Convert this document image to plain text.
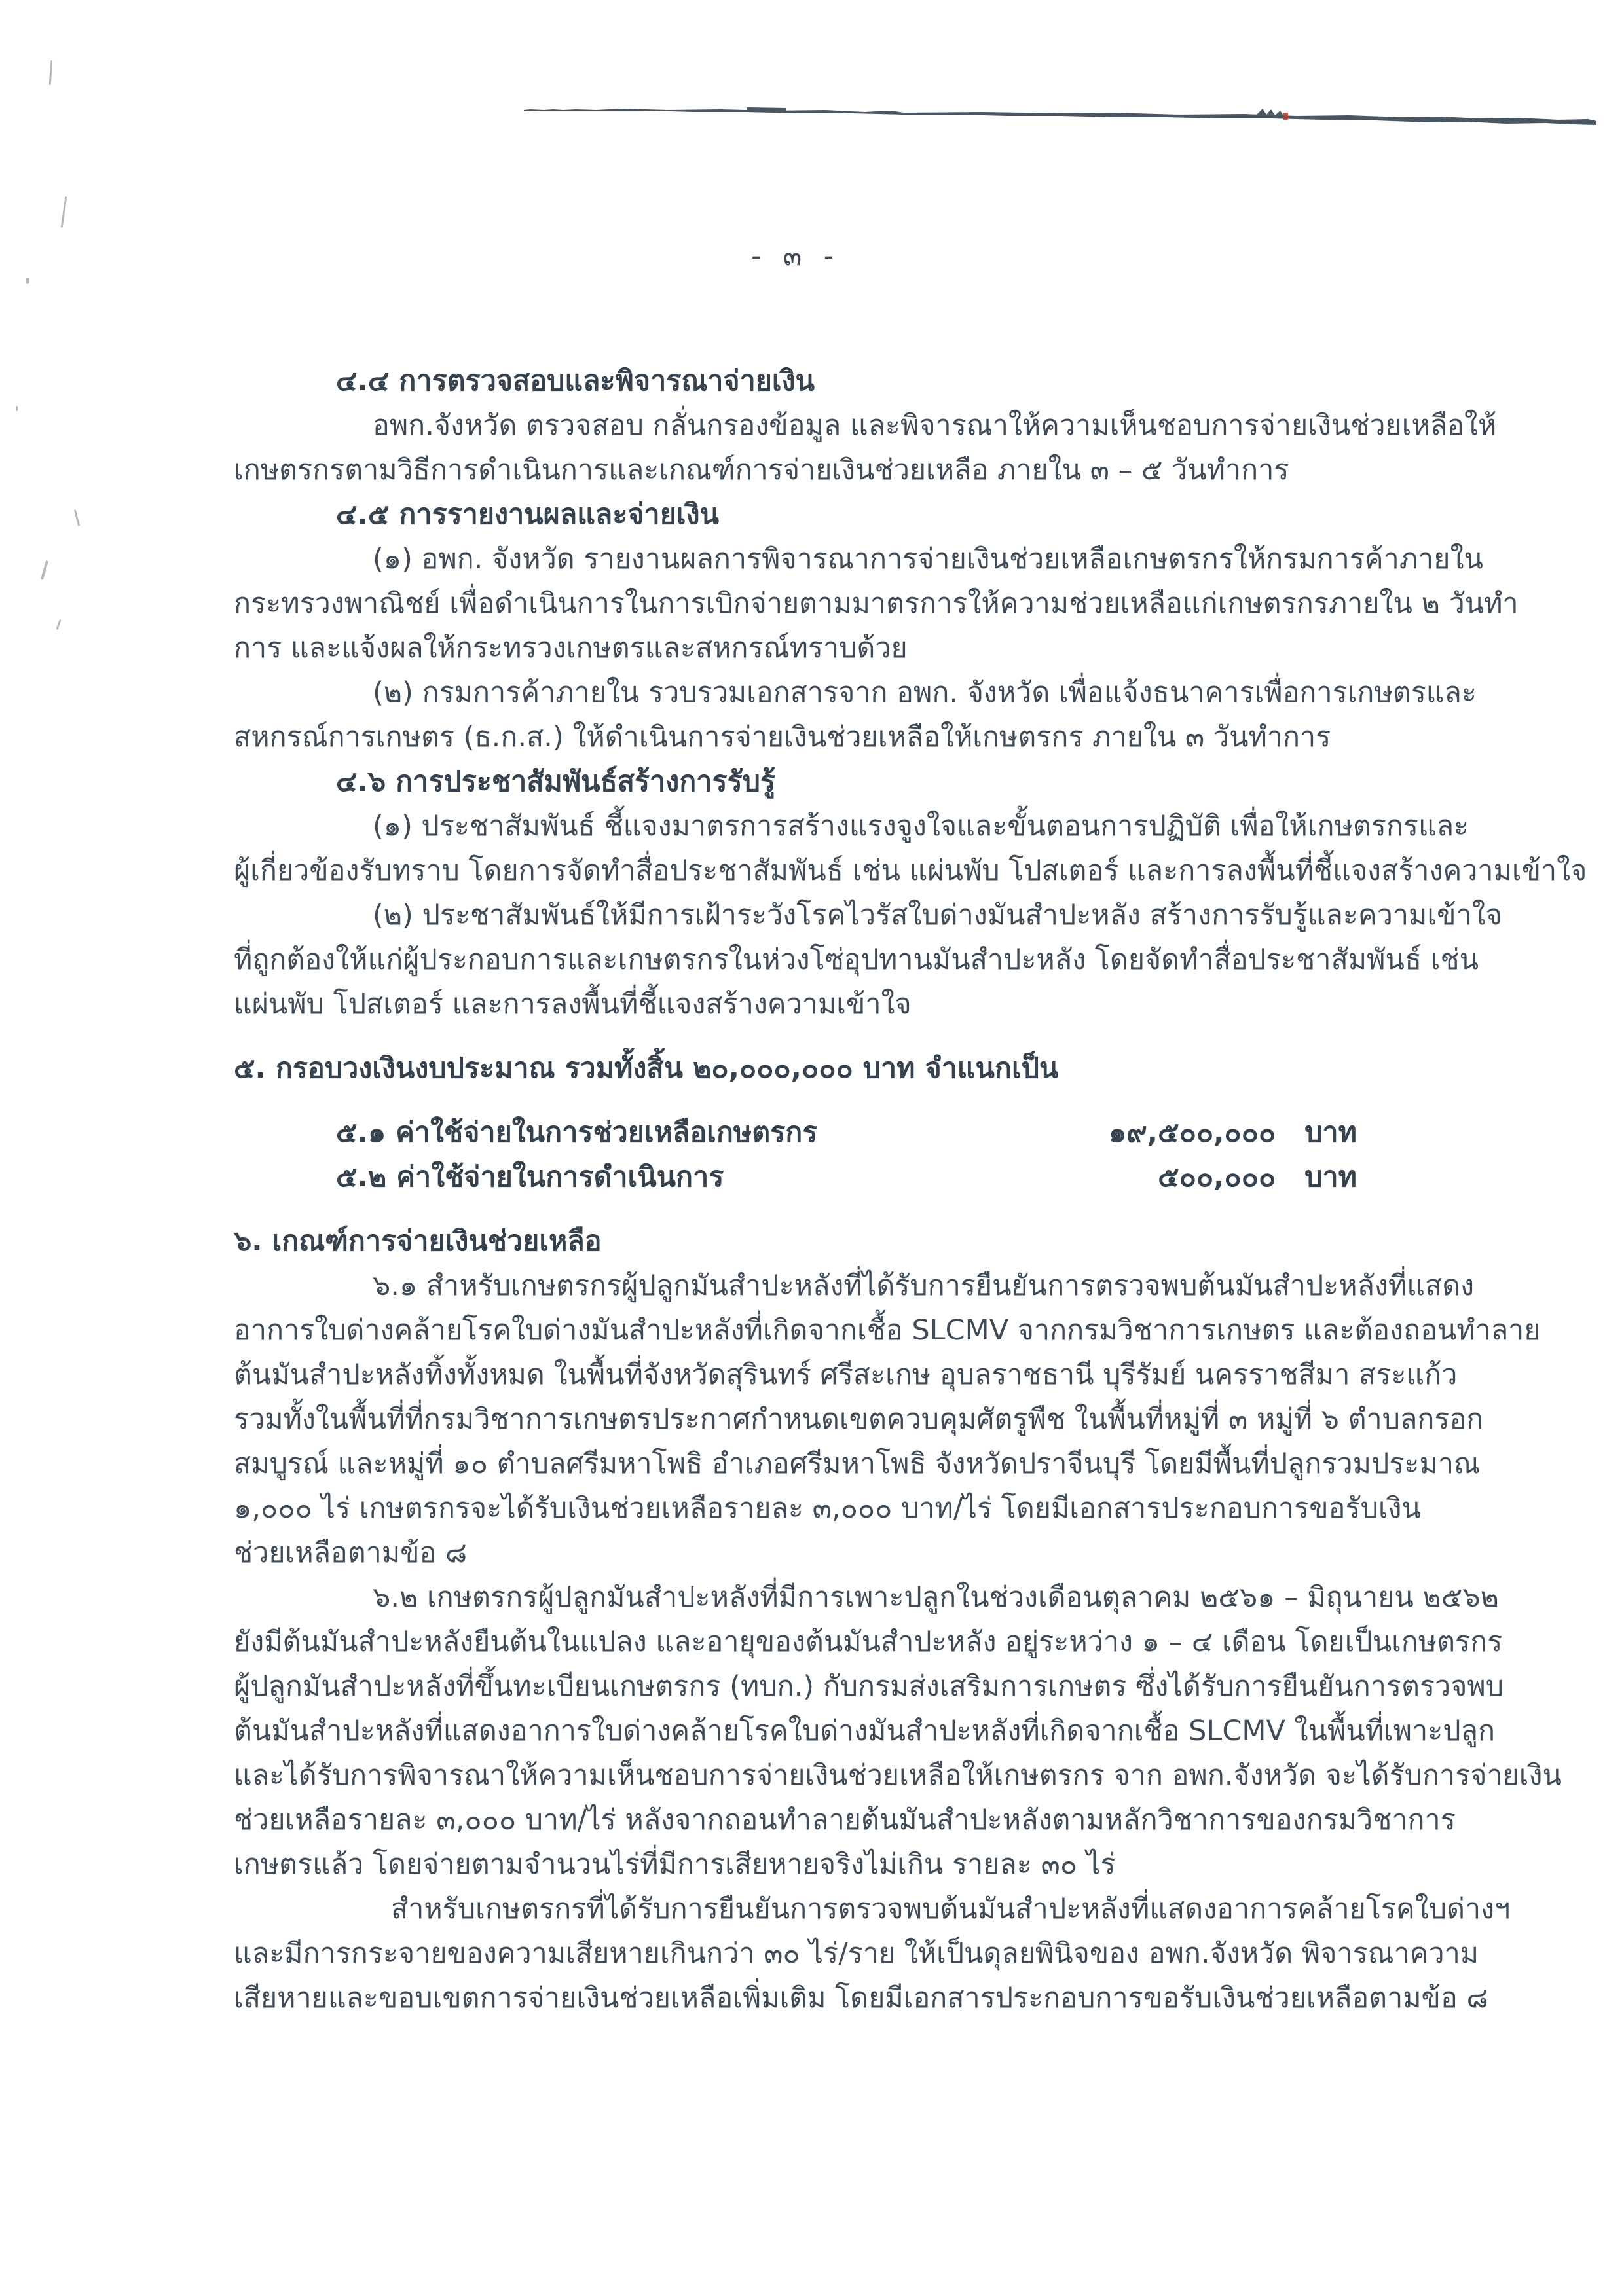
- ๓ -
๔.๔ การตรวจสอบและพิจารณาจ่ายเงิน
อพก.จังหวัด ตรวจสอบ กลั่นกรองข้อมูล และพิจารณาให้ความเห็นชอบการจ่ายเงินช่วยเหลือให้
เกษตรกรตามวิธีการดำเนินการและเกณฑ์การจ่ายเงินช่วยเหลือ ภายใน ๓ – ๕ วันทำการ
๔.๕ การรายงานผลและจ่ายเงิน
(๑) อพก. จังหวัด รายงานผลการพิจารณาการจ่ายเงินช่วยเหลือเกษตรกรให้กรมการค้าภายใน
กระทรวงพาณิชย์ เพื่อดำเนินการในการเบิกจ่ายตามมาตรการให้ความช่วยเหลือแก่เกษตรกรภายใน ๒ วันทำ
การ และแจ้งผลให้กระทรวงเกษตรและสหกรณ์ทราบด้วย
(๒) กรมการค้าภายใน รวบรวมเอกสารจาก อพก. จังหวัด เพื่อแจ้งธนาคารเพื่อการเกษตรและ
สหกรณ์การเกษตร (ธ.ก.ส.) ให้ดำเนินการจ่ายเงินช่วยเหลือให้เกษตรกร ภายใน ๓ วันทำการ
๔.๖ การประชาสัมพันธ์สร้างการรับรู้
(๑) ประชาสัมพันธ์ ชี้แจงมาตรการสร้างแรงจูงใจและขั้นตอนการปฏิบัติ เพื่อให้เกษตรกรและ
ผู้เกี่ยวข้องรับทราบ โดยการจัดทำสื่อประชาสัมพันธ์ เช่น แผ่นพับ โปสเตอร์ และการลงพื้นที่ชี้แจงสร้างความเข้าใจ
(๒) ประชาสัมพันธ์ให้มีการเฝ้าระวังโรคไวรัสใบด่างมันสำปะหลัง สร้างการรับรู้และความเข้าใจ
ที่ถูกต้องให้แก่ผู้ประกอบการและเกษตรกรในห่วงโซ่อุปทานมันสำปะหลัง โดยจัดทำสื่อประชาสัมพันธ์ เช่น
แผ่นพับ โปสเตอร์ และการลงพื้นที่ชี้แจงสร้างความเข้าใจ
๕. กรอบวงเงินงบประมาณ รวมทั้งสิ้น ๒๐,๐๐๐,๐๐๐ บาท จำแนกเป็น
๕.๑ ค่าใช้จ่ายในการช่วยเหลือเกษตรกร	๑๙,๕๐๐,๐๐๐ บาท
๕.๒ ค่าใช้จ่ายในการดำเนินการ	๕๐๐,๐๐๐ บาท
๖. เกณฑ์การจ่ายเงินช่วยเหลือ
๖.๑ สำหรับเกษตรกรผู้ปลูกมันสำปะหลังที่ได้รับการยืนยันการตรวจพบต้นมันสำปะหลังที่แสดง
อาการใบด่างคล้ายโรคใบด่างมันสำปะหลังที่เกิดจากเชื้อ SLCMV จากกรมวิชาการเกษตร และต้องถอนทำลาย
ต้นมันสำปะหลังทิ้งทั้งหมด ในพื้นที่จังหวัดสุรินทร์ ศรีสะเกษ อุบลราชธานี บุรีรัมย์ นครราชสีมา สระแก้ว
รวมทั้งในพื้นที่ที่กรมวิชาการเกษตรประกาศกำหนดเขตควบคุมศัตรูพืช ในพื้นที่หมู่ที่ ๓ หมู่ที่ ๖ ตำบลกรอก
สมบูรณ์ และหมู่ที่ ๑๐ ตำบลศรีมหาโพธิ อำเภอศรีมหาโพธิ จังหวัดปราจีนบุรี โดยมีพื้นที่ปลูกรวมประมาณ
๑,๐๐๐ ไร่ เกษตรกรจะได้รับเงินช่วยเหลือรายละ ๓,๐๐๐ บาท/ไร่ โดยมีเอกสารประกอบการขอรับเงิน
ช่วยเหลือตามข้อ ๘
๖.๒ เกษตรกรผู้ปลูกมันสำปะหลังที่มีการเพาะปลูกในช่วงเดือนตุลาคม ๒๕๖๑ – มิถุนายน ๒๕๖๒
ยังมีต้นมันสำปะหลังยืนต้นในแปลง และอายุของต้นมันสำปะหลัง อยู่ระหว่าง ๑ – ๔ เดือน โดยเป็นเกษตรกร
ผู้ปลูกมันสำปะหลังที่ขึ้นทะเบียนเกษตรกร (ทบก.) กับกรมส่งเสริมการเกษตร ซึ่งได้รับการยืนยันการตรวจพบ
ต้นมันสำปะหลังที่แสดงอาการใบด่างคล้ายโรคใบด่างมันสำปะหลังที่เกิดจากเชื้อ SLCMV ในพื้นที่เพาะปลูก
และได้รับการพิจารณาให้ความเห็นชอบการจ่ายเงินช่วยเหลือให้เกษตรกร จาก อพก.จังหวัด จะได้รับการจ่ายเงิน
ช่วยเหลือรายละ ๓,๐๐๐ บาท/ไร่ หลังจากถอนทำลายต้นมันสำปะหลังตามหลักวิชาการของกรมวิชาการ
เกษตรแล้ว โดยจ่ายตามจำนวนไร่ที่มีการเสียหายจริงไม่เกิน รายละ ๓๐ ไร่
สำหรับเกษตรกรที่ได้รับการยืนยันการตรวจพบต้นมันสำปะหลังที่แสดงอาการคล้ายโรคใบด่างฯ
และมีการกระจายของความเสียหายเกินกว่า ๓๐ ไร่/ราย ให้เป็นดุลยพินิจของ อพก.จังหวัด พิจารณาความ
เสียหายและขอบเขตการจ่ายเงินช่วยเหลือเพิ่มเติม โดยมีเอกสารประกอบการขอรับเงินช่วยเหลือตามข้อ ๘
